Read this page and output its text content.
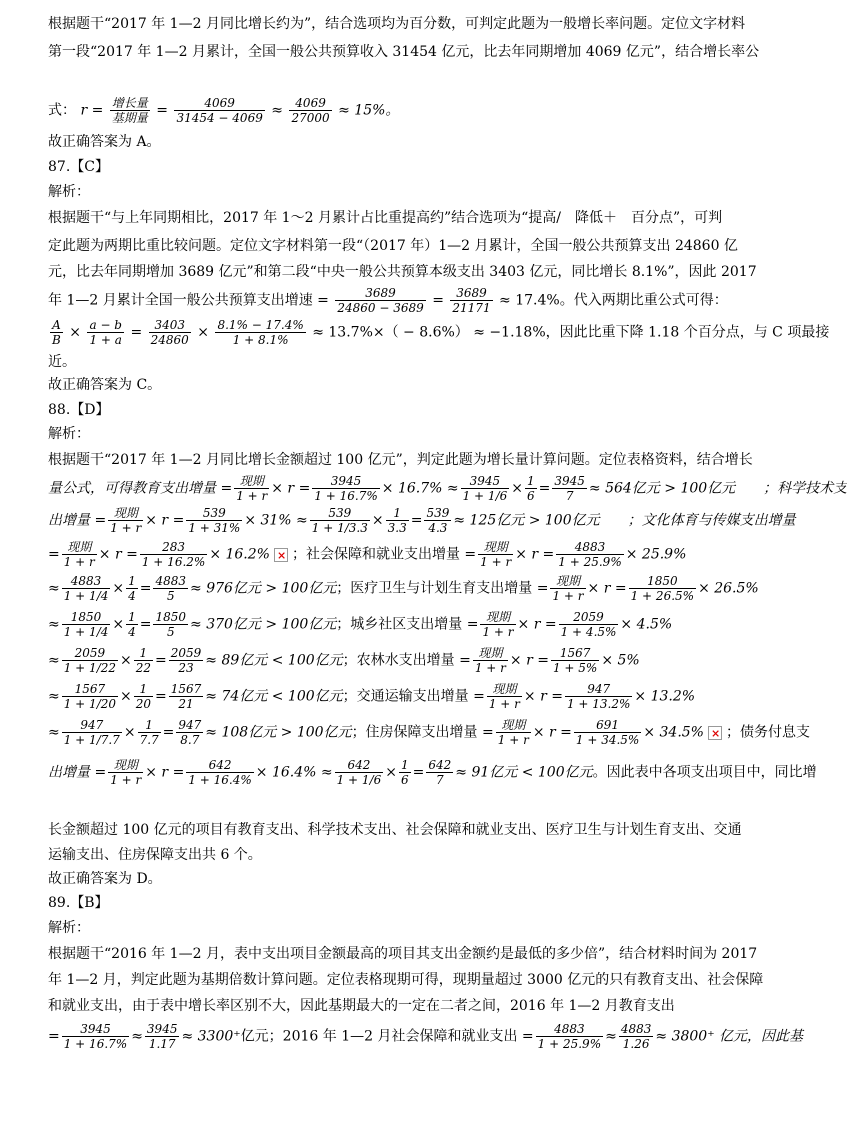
根据题干“2017 年 1—2 月同比增长约为”，结合选项均为百分数，可判定此题为一般增长率问题。定位文字材料
第一段“2017 年 1—2 月累计，全国一般公共预算收入 31454 亿元，比去年同期增加 4069 亿元”，结合增长率公
故正确答案为 A。
87.【C】
解析：
根据题干“与上年同期相比，2017 年 1～2 月累计占比重提高约”结合选项为“提高/　降低＋　百分点”，可判
定此题为两期比重比较问题。定位文字材料第一段“（2017 年）1—2 月累计，全国一般公共预算支出 24860 亿
元，比去年同期增加 3689 亿元”和第二段“中央一般公共预算本级支出 3403 亿元，同比增长 8.1%”，因此 2017
近。
故正确答案为 C。
88.【D】
解析：
根据题干“2017 年 1—2 月同比增长金额超过 100 亿元”，判定此题为增长量计算问题。定位表格资料，结合增长
长金额超过 100 亿元的项目有教育支出、科学技术支出、社会保障和就业支出、医疗卫生与计划生育支出、交通
运输支出、住房保障支出共 6 个。
故正确答案为 D。
89.【B】
解析：
根据题干“2016 年 1—2 月，表中支出项目金额最高的项目其支出金额约是最低的多少倍”，结合材料时间为 2017
年 1—2 月，判定此题为基期倍数计算问题。定位表格现期可得，现期量超过 3000 亿元的只有教育支出、社会保障
和就业支出，由于表中增长率区别不大，因此基期最大的一定在二者之间，2016 年 1—2 月教育支出
式： $r = \frac{\text{增长量}}{\text{基期量}} = \frac{4069}{31454 - 4069} \approx \frac{4069}{27000} \approx 15\%$。
年 1—2 月累计全国一般公共预算支出增速 = $\frac{3689}{24860 - 3689} = \frac{3689}{21171} \approx 17.4\%$。代入两期比重公式可得：
$\frac{A}{B} \times \frac{a - b}{1 + a} = \frac{3403}{24860} \times \frac{8.1\% - 17.4\%}{1 + 8.1\%} \approx 13.7\%\times( - 8.6\%) \approx -1.18\%$，因此比重下降 1.18 个百分点，与 C 项最接
量公式，可得教育支出增量 = $\frac{\text{现期}}{1 + r} \times r = \frac{3945}{1 + 16.7\%} \times 16.7\% \approx \frac{3945}{1 + 1/6} \times \frac{1}{6} = \frac{3945}{7} \approx 564$亿元 > 100亿元　　；科学技术支
出增量 = $\frac{\text{现期}}{1 + r} \times r = \frac{539}{1 + 31\%} \times 31\% \approx \frac{539}{1 + 1/3.3} \times \frac{1}{3.3} = \frac{539}{4.3} \approx 125$亿元 > 100亿元　　；文化体育与传媒支出增量
= $\frac{\text{现期}}{1 + r} \times r = \frac{283}{1 + 16.2\%} \times 16.2\%\times$ ；社会保障和就业支出增量 = $\frac{\text{现期}}{1 + r} \times r = \frac{4883}{1 + 25.9\%} \times 25.9\%$
≈ $\frac{4883}{1 + 1/4} \times \frac{1}{4} = \frac{4883}{5} \approx 976$亿元 > 100亿元；医疗卫生与计划生育支出增量 = $\frac{\text{现期}}{1 + r} \times r = \frac{1850}{1 + 26.5\%} \times 26.5\%$
≈ $\frac{1850}{1 + 1/4} \times \frac{1}{4} = \frac{1850}{5} \approx 370$亿元 > 100亿元；城乡社区支出增量 = $\frac{\text{现期}}{1 + r} \times r = \frac{2059}{1 + 4.5\%} \times 4.5\%$
≈ $\frac{2059}{1 + 1/22} \times \frac{1}{22} = \frac{2059}{23} \approx 89$亿元 < 100亿元；农林水支出增量 = $\frac{\text{现期}}{1 + r} \times r = \frac{1567}{1 + 5\%} \times 5\%$
≈ $\frac{1567}{1 + 1/20} \times \frac{1}{20} = \frac{1567}{21} \approx 74$亿元 < 100亿元；交通运输支出增量 = $\frac{\text{现期}}{1 + r} \times r = \frac{947}{1 + 13.2\%} \times 13.2\%$
≈ $\frac{947}{1 + 1/7.7} \times \frac{1}{7.7} = \frac{947}{8.7} \approx 108$亿元 > 100亿元；住房保障支出增量 = $\frac{\text{现期}}{1 + r} \times r = \frac{691}{1 + 34.5\%} \times 34.5\%\times$ ；债务付息支
出增量 = $\frac{\text{现期}}{1 + r} \times r = \frac{642}{1 + 16.4\%} \times 16.4\% \approx \frac{642}{1 + 1/6} \times \frac{1}{6} = \frac{642}{7} \approx 91$亿元 < 100亿元。因此表中各项支出项目中，同比增
= $\frac{3945}{1 + 16.7\%} \approx \frac{3945}{1.17} \approx 3300^+$亿元；2016 年 1—2 月社会保障和就业支出 = $\frac{4883}{1 + 25.9\%} \approx \frac{4883}{1.26} \approx 3800^+$ 亿元，因此基
